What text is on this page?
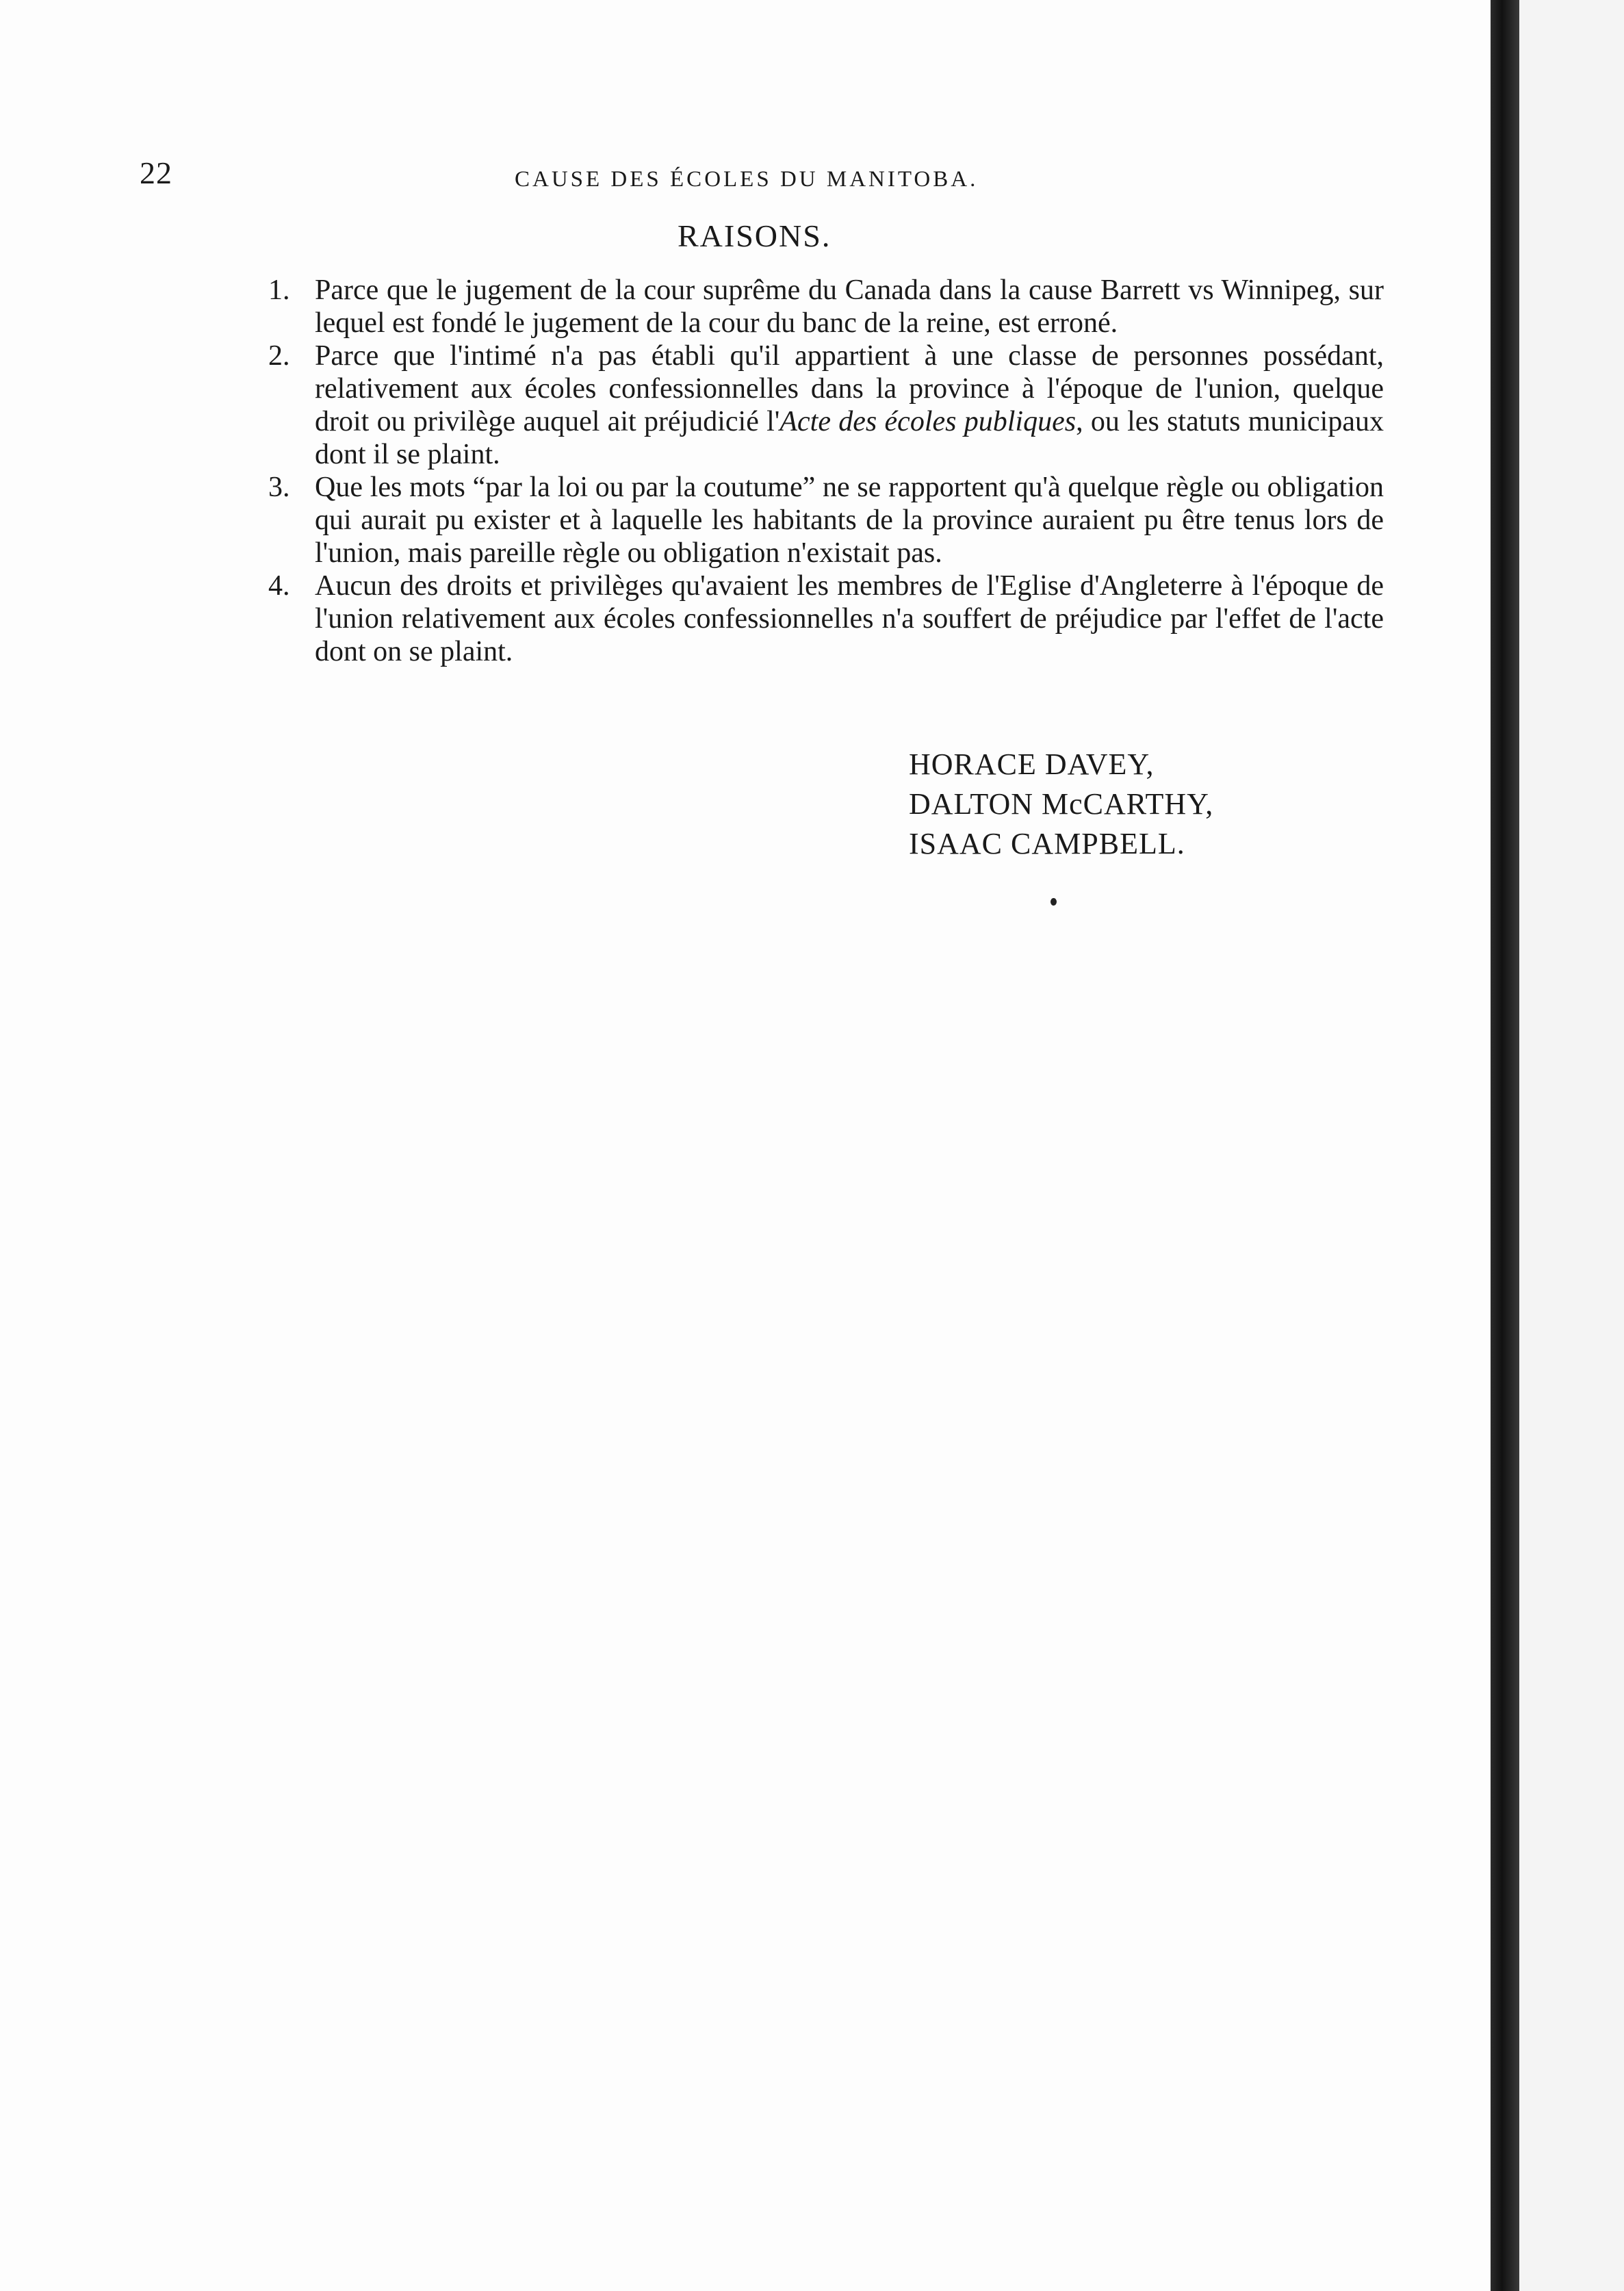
22	CAUSE DES ÉCOLES DU MANITOBA.
RAISONS.

1. Parce que le jugement de la cour suprême du Canada dans la cause Barrett vs Winnipeg, sur lequel est fondé le jugement de la cour du banc de la reine, est erroné.

2. Parce que l'intimé n'a pas établi qu'il appartient à une classe de personnes possédant, relativement aux écoles confessionnelles dans la province à l'époque de l'union, quelque droit ou privilège auquel ait préjudicié l'Acte des écoles publiques, ou les statuts municipaux dont il se plaint.

3. Que les mots “par la loi ou par la coutume” ne se rapportent qu'à quelque règle ou obligation qui aurait pu exister et à laquelle les habitants de la province auraient pu être tenus lors de l'union, mais pareille règle ou obligation n'existait pas.

4. Aucun des droits et privilèges qu'avaient les membres de l'Eglise d'Angleterre à l'époque de l'union relativement aux écoles confessionnelles n'a souffert de préjudice par l'effet de l'acte dont on se plaint.

HORACE DAVEY,
DALTON McCARTHY,
ISAAC CAMPBELL.
